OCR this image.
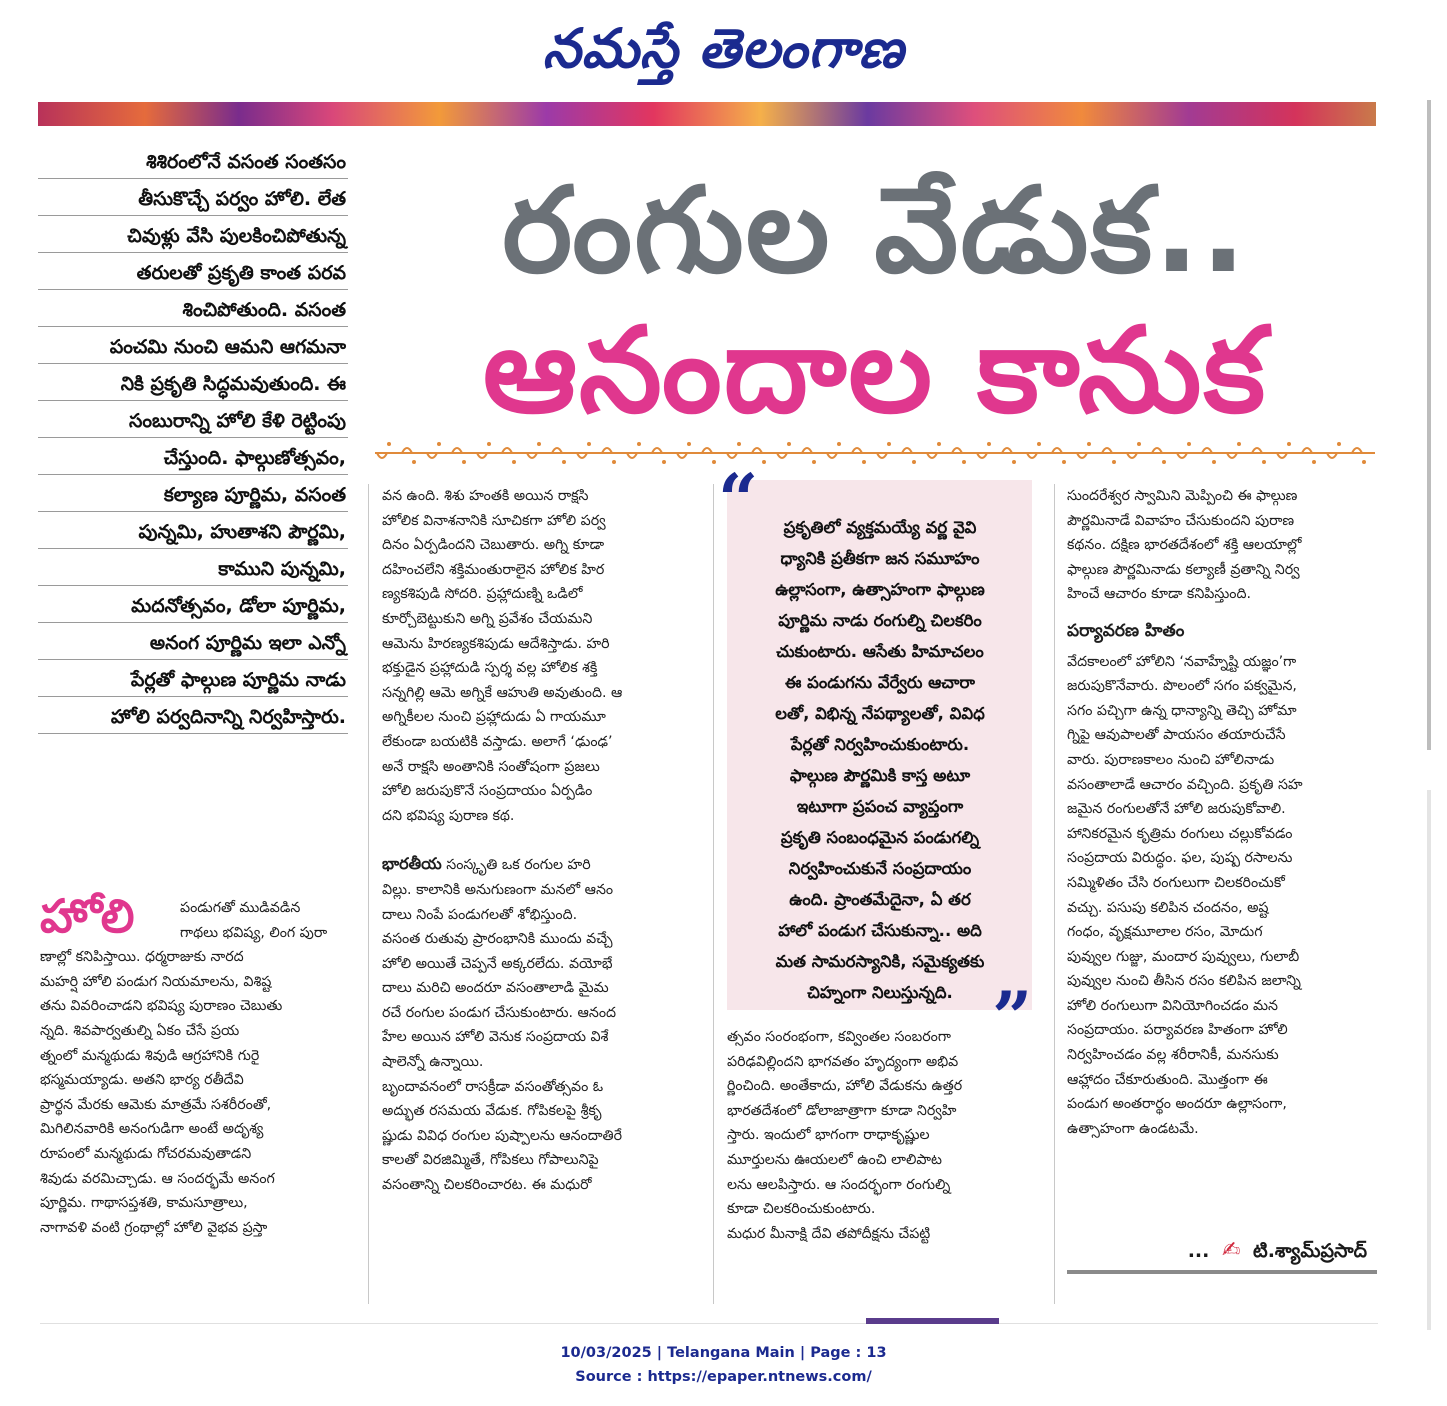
నమస్తే తెలంగాణ
శిశిరంలోనే వసంత సంతసం
తీసుకొచ్చే పర్వం హోలి. లేత
చివుళ్లు వేసి పులకించిపోతున్న
తరులతో ప్రకృతి కాంత పరవ
శించిపోతుంది. వసంత
పంచమి నుంచి ఆమని ఆగమనా
నికి ప్రకృతి సిద్ధమవుతుంది. ఈ
సంబురాన్ని హోలి కేళి రెట్టింపు
చేస్తుంది. ఫాల్గుణోత్సవం,
కల్యాణ పూర్ణిమ, వసంత
పున్నమి, హుతాశని పౌర్ణమి,
కాముని పున్నమి,
మదనోత్సవం, డోలా పూర్ణిమ,
అనంగ పూర్ణిమ ఇలా ఎన్నో
పేర్లతో ఫాల్గుణ పూర్ణిమ నాడు
హోలి పర్వదినాన్ని నిర్వహిస్తారు.
రంగుల వేడుక..
ఆనందాల కానుక
హోలి	పండుగతో ముడివడిన

గాథలు భవిష్య, లింగ పురా

ణాల్లో కనిపిస్తాయి. ధర్మరాజుకు నారద

మహర్షి హోలి పండుగ నియమాలను, విశిష్ట

తను వివరించాడని భవిష్య పురాణం చెబుతు

న్నది. శివపార్వతుల్ని ఏకం చేసే ప్రయ

త్నంలో మన్మథుడు శివుడి ఆగ్రహానికి గురై

భస్మమయ్యాడు. అతని భార్య రతీదేవి

ప్రార్థన మేరకు ఆమెకు మాత్రమే సశరీరంతో,

మిగిలినవారికి అనంగుడిగా అంటే అదృశ్య

రూపంలో మన్మథుడు గోచరమవుతాడని

శివుడు వరమిచ్చాడు. ఆ సందర్భమే అనంగ

పూర్ణిమ. గాథాసప్తశతి, కామసూత్రాలు,

నాగావళి వంటి గ్రంథాల్లో హోలి వైభవ ప్రస్తా

వన ఉంది. శిశు హంతకి అయిన రాక్షసి

హోలిక వినాశనానికి సూచికగా హోలి పర్వ

దినం ఏర్పడిందని చెబుతారు. అగ్ని కూడా

దహించలేని శక్తిమంతురాలైన హోలిక హిర

ణ్యకశిపుడి సోదరి. ప్రహ్లాదుణ్ని ఒడిలో

కూర్చోబెట్టుకుని అగ్ని ప్రవేశం చేయమని

ఆమెను హిరణ్యకశిపుడు ఆదేశిస్తాడు. హరి

భక్తుడైన ప్రహ్లాదుడి స్పర్శ వల్ల హోలిక శక్తి

సన్నగిల్లి ఆమె అగ్నికే ఆహుతి అవుతుంది. ఆ

అగ్నికీలల నుంచి ప్రహ్లాదుడు ఏ గాయమూ

లేకుండా బయటికి వస్తాడు. అలాగే ‘ఢుంఢ’

అనే రాక్షసి అంతానికి సంతోషంగా ప్రజలు

హోలి జరుపుకొనే సంప్రదాయం ఏర్పడిం

దని భవిష్య పురాణ కథ.

భారతీయ సంస్కృతి ఒక రంగుల హరి

విల్లు. కాలానికి అనుగుణంగా మనలో ఆనం

దాలు నింపే పండుగలతో శోభిస్తుంది.

వసంత రుతువు ప్రారంభానికి ముందు వచ్చే

హోలి అయితే చెప్పనే అక్కరలేదు. వయోభే

దాలు మరిచి అందరూ వసంతాలాడి మైమ

రచే రంగుల పండుగ చేసుకుంటారు. ఆనంద

హేల అయిన హోలి వెనుక సంప్రదాయ విశే

షాలెన్నో ఉన్నాయి.

బృందావనంలో రాసక్రీడా వసంతోత్సవం ఓ

అద్భుత రసమయ వేడుక. గోపికలపై శ్రీకృ

ష్ణుడు వివిధ రంగుల పుష్పాలను ఆనందాతిరే

కాలతో విరజిమ్మితే, గోపికలు గోపాలునిపై

వసంతాన్ని చిలకరించారట. ఈ మధురో

“	ప్రకృతిలో వ్యక్తమయ్యే వర్ణ వైవి

ధ్యానికి ప్రతీకగా జన సమూహం

ఉల్లాసంగా, ఉత్సాహంగా ఫాల్గుణ

పూర్ణిమ నాడు రంగుల్ని చిలకరిం

చుకుంటారు. ఆసేతు హిమాచలం

ఈ పండుగను వేర్వేరు ఆచారా

లతో, విభిన్న నేపథ్యాలతో, వివిధ

పేర్లతో నిర్వహించుకుంటారు.

ఫాల్గుణ పౌర్ణమికి కాస్త అటూ

ఇటూగా ప్రపంచ వ్యాప్తంగా

ప్రకృతి సంబంధమైన పండుగల్ని

నిర్వహించుకునే సంప్రదాయం

ఉంది. ప్రాంతమేదైనా, ఏ తర

హాలో పండుగ చేసుకున్నా.. అది

మత సామరస్యానికి, సమైక్యతకు

చిహ్నంగా నిలుస్తున్నది. ”

త్సవం సంరంభంగా, కవ్వింతల సంబరంగా

పరిఢవిల్లిందని భాగవతం హృద్యంగా అభివ

ర్ణించింది. అంతేకాదు, హోలి వేడుకను ఉత్తర

భారతదేశంలో డోలాజాత్రాగా కూడా నిర్వహి

స్తారు. ఇందులో భాగంగా రాధాకృష్ణుల

మూర్తులను ఊయలలో ఉంచి లాలిపాట

లను ఆలపిస్తారు. ఆ సందర్భంగా రంగుల్ని

కూడా చిలకరించుకుంటారు.

మధుర మీనాక్షి దేవి తపోదీక్షను చేపట్టి

సుందరేశ్వర స్వామిని మెప్పించి ఈ ఫాల్గుణ

పౌర్ణమినాడే వివాహం చేసుకుందని పురాణ

కథనం. దక్షిణ భారతదేశంలో శక్తి ఆలయాల్లో

ఫాల్గుణ పౌర్ణమినాడు కల్యాణీ వ్రతాన్ని నిర్వ

హించే ఆచారం కూడా కనిపిస్తుంది.

పర్యావరణ హితం

వేదకాలంలో హోలిని ‘నవాహ్నేష్టి యజ్ఞం’గా

జరుపుకొనేవారు. పొలంలో సగం పక్వమైన,

సగం పచ్చిగా ఉన్న ధాన్యాన్ని తెచ్చి హోమా

గ్నిపై ఆవుపాలతో పాయసం తయారుచేసే

వారు. పురాణకాలం నుంచి హోలినాడు

వసంతాలాడే ఆచారం వచ్చింది. ప్రకృతి సహ

జమైన రంగులతోనే హోలి జరుపుకోవాలి.

హానికరమైన కృత్రిమ రంగులు చల్లుకోవడం

సంప్రదాయ విరుద్ధం. ఫల, పుష్ప రసాలను

సమ్మిళితం చేసి రంగులుగా చిలకరించుకో

వచ్చు. పసుపు కలిపిన చందనం, అష్ట

గంధం, వృక్షమూలాల రసం, మోదుగ

పువ్వుల గుజ్జు, మందార పువ్వులు, గులాబీ

పువ్వుల నుంచి తీసిన రసం కలిపిన జలాన్ని

హోలి రంగులుగా వినియోగించడం మన

సంప్రదాయం. పర్యావరణ హితంగా హోలి

నిర్వహించడం వల్ల శరీరానికీ, మనసుకు

ఆహ్లాదం చేకూరుతుంది. మొత్తంగా ఈ

పండుగ అంతరార్థం అందరూ ఉల్లాసంగా,

ఉత్సాహంగా ఉండటమే.

... ✍ టి.శ్యామ్‌ప్రసాద్
10/03/2025 | Telangana Main | Page : 13
Source : https://epaper.ntnews.com/
